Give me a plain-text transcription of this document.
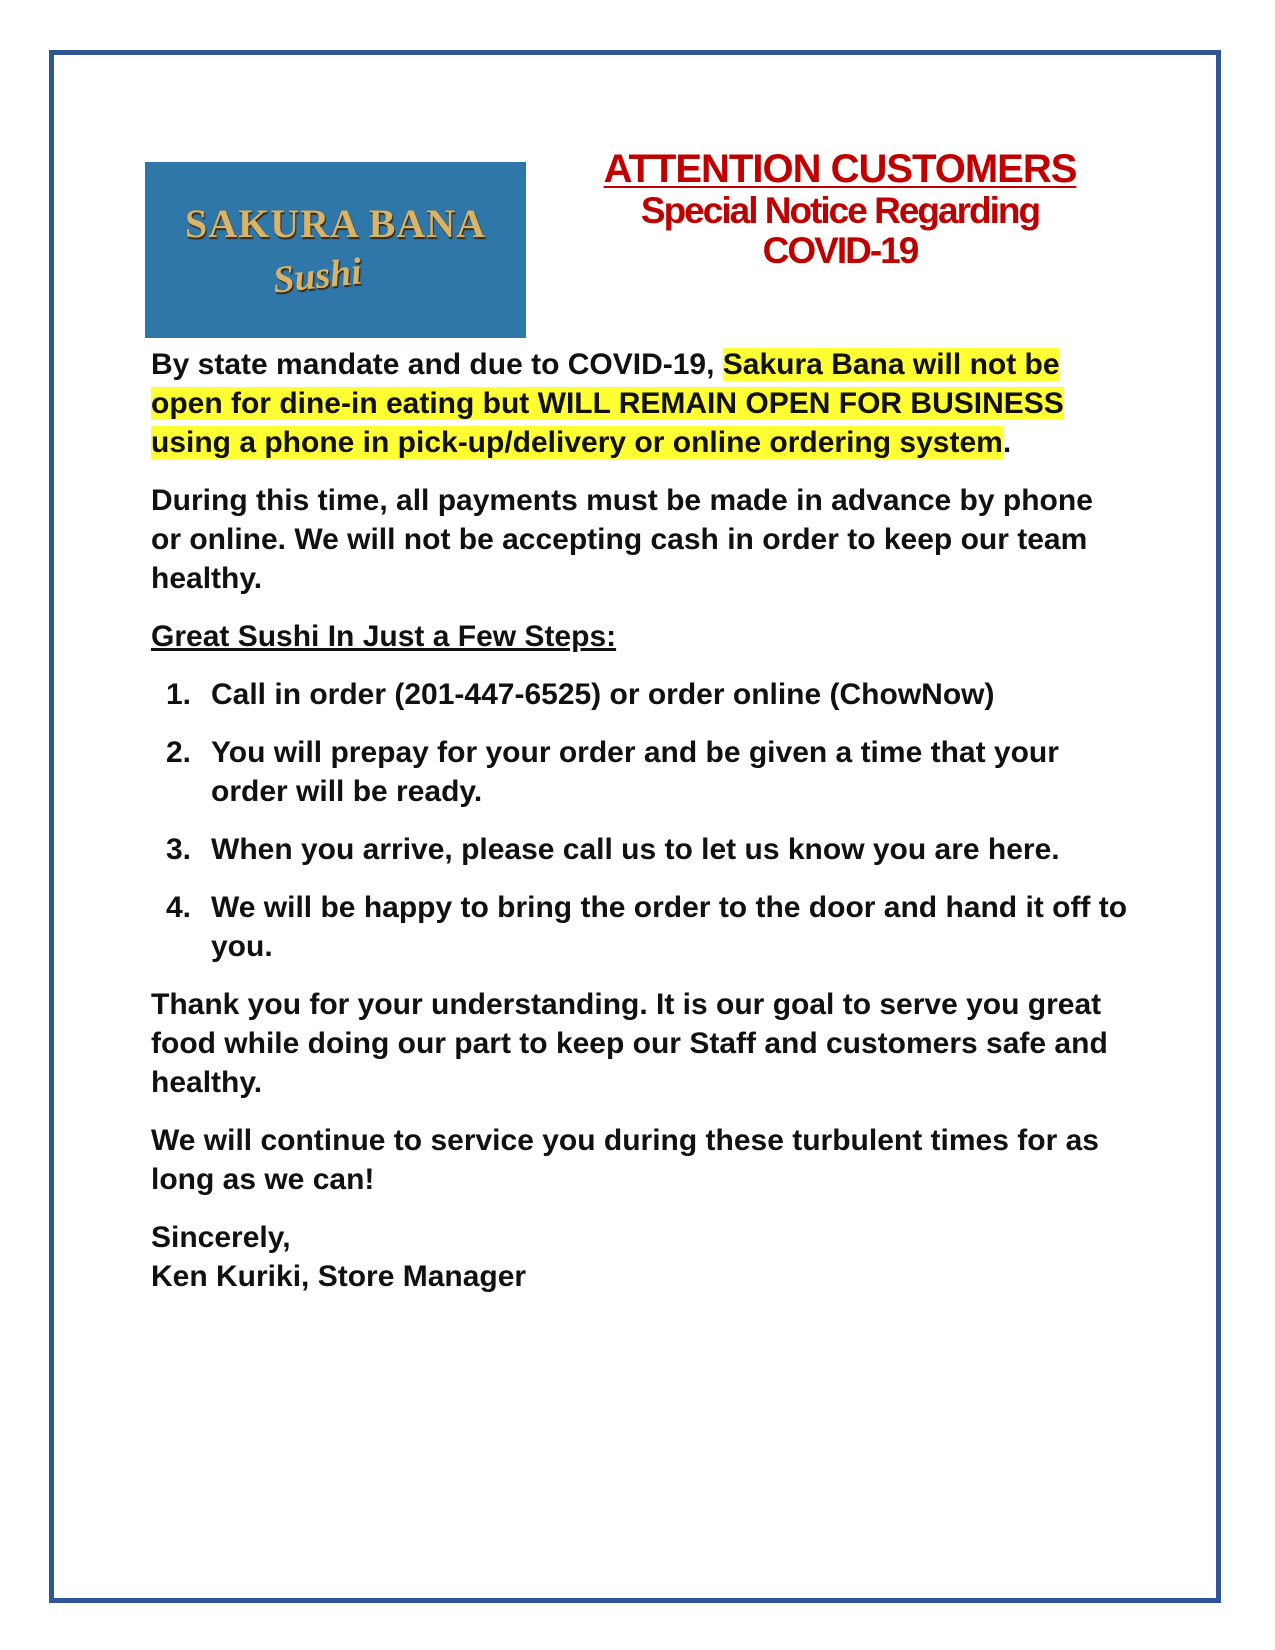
SAKURA BANA
Sushi
ATTENTION CUSTOMERS
Special Notice Regarding
COVID-19

By state mandate and due to COVID-19, Sakura Bana will not be open for dine-in eating but WILL REMAIN OPEN FOR BUSINESS using a phone in pick-up/delivery or online ordering system.

During this time, all payments must be made in advance by phone or online. We will not be accepting cash in order to keep our team healthy.

Great Sushi In Just a Few Steps:

1. Call in order (201-447-6525) or order online (ChowNow)
2. You will prepay for your order and be given a time that your order will be ready.
3. When you arrive, please call us to let us know you are here.
4. We will be happy to bring the order to the door and hand it off to you.

Thank you for your understanding. It is our goal to serve you great food while doing our part to keep our Staff and customers safe and healthy.

We will continue to service you during these turbulent times for as long as we can!

Sincerely,
Ken Kuriki, Store Manager
